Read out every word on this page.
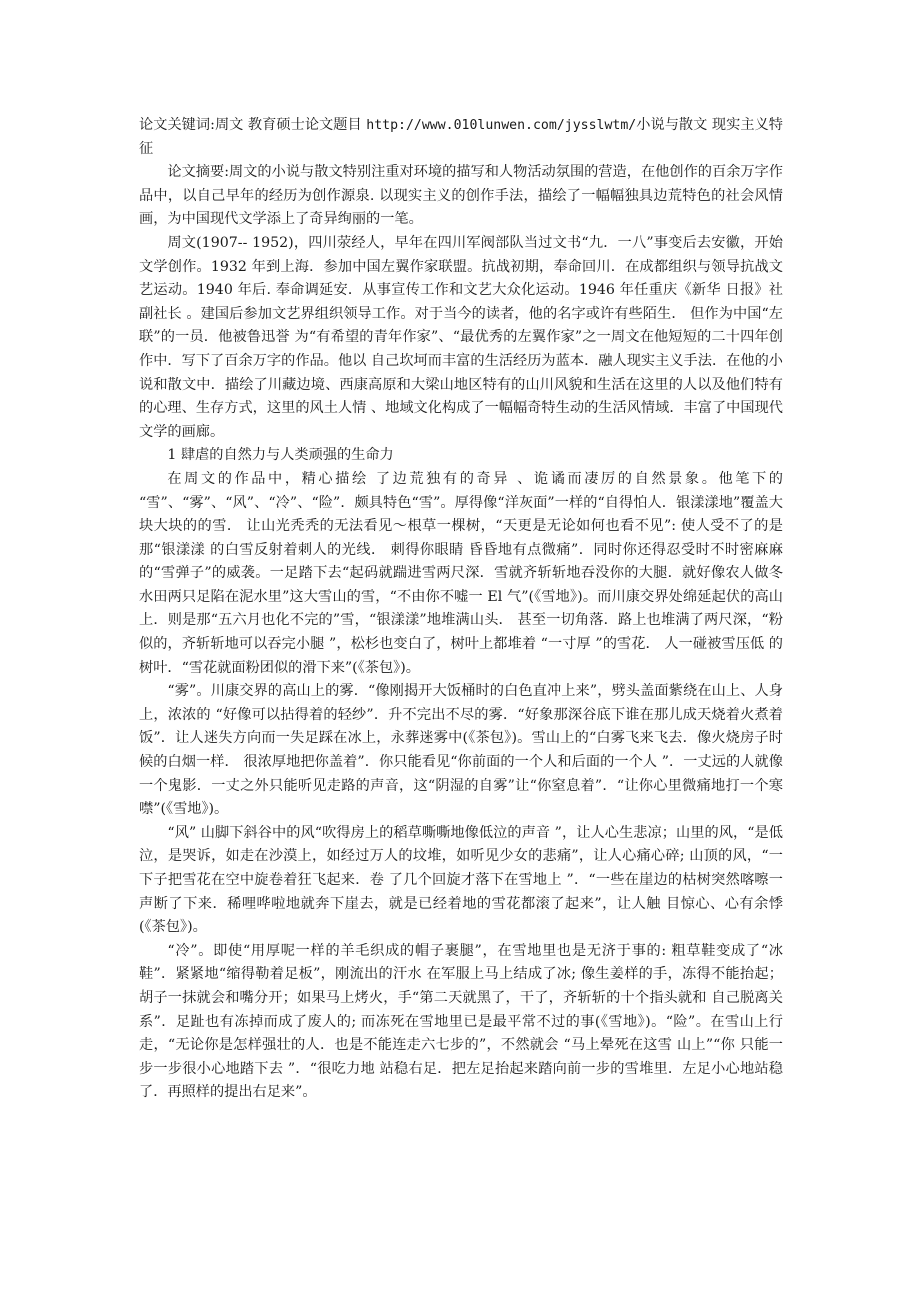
论文关键词:周文 教育硕士论文题目 http://www.010lunwen.com/jysslwtm/小说与散文 现实主义特征

论文摘要:周文的小说与散文特别注重对环境的描写和人物活动氛围的营造，在他创作的百余万字作品中，以自己早年的经历为创作源泉. 以现实主义的创作手法，描绘了一幅幅独具边荒特色的社会风情画，为中国现代文学添上了奇异绚丽的一笔。

周文(1907-- 1952)，四川荥经人，早年在四川军阀部队当过文书“九．一八”事变后去安徽，开始文学创作。1932 年到上海．参加中国左翼作家联盟。抗战初期，奉命回川．在成都组织与领导抗战文艺运动。1940 年后. 奉命调延安．从事宣传工作和文艺大众化运动。1946 年任重庆《新华 日报》社副社长 。建国后参加文艺界组织领导工作。对于当今的读者，他的名字或许有些陌生． 但作为中国“左联”的一员．他被鲁迅誉 为“有希望的青年作家”、“最优秀的左翼作家”之一周文在他短短的二十四年创作中．写下了百余万字的作品。他以 自己坎坷而丰富的生活经历为蓝本．融人现实主义手法．在他的小说和散文中．描绘了川藏边境、西康高原和大梁山地区特有的山川风貌和生活在这里的人以及他们特有的心理、生存方式，这里的风土人情 、地域文化构成了一幅幅奇特生动的生活风情域．丰富了中国现代文学的画廊。

1 肆虐的自然力与人类顽强的生命力

在周文的作品中，精心描绘 了边荒独有的奇异 、诡谲而凄厉的自然景象。他笔下的 “雪”、“雾”、“风”、“冷”、“险”．颇具特色“雪”。厚得像“洋灰面”一样的“自得怕人．银漾漾地”覆盖大块大块的的雪． 让山光秃秃的无法看见～根草一棵树，“天更是无论如何也看不见”: 使人受不了的是那“银漾漾 的白雪反射着刺人的光线． 刺得你眼睛 昏昏地有点微痛”．同时你还得忍受时不时密麻麻的“雪弹子”的威袭。一足踏下去“起码就踹进雪两尺深．雪就齐斩斩地吞没你的大腿．就好像农人做冬水田两只足陷在泥水里”这大雪山的雪，“不由你不嘘一 El 气”(《雪地》)。而川康交界处绵延起伏的高山上．则是那“五六月也化不完的”雪，“银漾漾”地堆满山头． 甚至一切角落．路上也堆满了两尺深，“粉似的，齐斩斩地可以吞完小腿 ”，松杉也变白了，树叶上都堆着 “一寸厚 ”的雪花． 人一碰被雪压低 的树叶．“雪花就面粉团似的滑下来”(《茶包》)。

“雾”。川康交界的高山上的雾．“像刚揭开大饭桶时的白色直冲上来”，劈头盖面紫绕在山上、人身上，浓浓的 “好像可以拈得着的轻纱”．升不完出不尽的雾．“好象那深谷底下谁在那儿成天烧着火煮着饭”．让人迷失方向而一失足踩在冰上，永葬迷雾中(《茶包》)。雪山上的“白雾飞来飞去．像火烧房子时候的白烟一样． 很浓厚地把你盖着”．你只能看见“你前面的一个人和后面的一个人 ”．一丈远的人就像一个鬼影．一丈之外只能听见走路的声音，这“阴湿的自雾”让“你窒息着”．“让你心里微痛地打一个寒噤”(《雪地》)。

“风” 山脚下斜谷中的风“吹得房上的稻草嘶嘶地像低泣的声音 ”，让人心生悲凉；山里的风，“是低泣，是哭诉，如走在沙漠上，如经过万人的坟堆，如听见少女的悲痛”，让人心痛心碎; 山顶的风，“一下子把雪花在空中旋卷着狂飞起来．卷 了几个回旋才落下在雪地上 ”．“一些在崖边的枯树突然喀嚓一声断了下来．稀哩哗啦地就奔下崖去，就是已经着地的雪花都滚了起来”，让人触 目惊心、心有余悸(《茶包》)。

“冷”。即使“用厚呢一样的羊毛织成的帽子裹腿”，在雪地里也是无济于事的: 粗草鞋变成了“冰鞋”．紧紧地“缩得勒着足板”，刚流出的汗水 在军服上马上结成了冰; 像生姜样的手，冻得不能抬起；胡子一抹就会和嘴分开；如果马上烤火，手“第二天就黑了，干了，齐斩斩的十个指头就和 自己脱离关系”．足趾也有冻掉而成了废人的; 而冻死在雪地里已是最平常不过的事(《雪地》)。“险”。在雪山上行走，“无论你是怎样强壮的人．也是不能连走六七步的”，不然就会 “马上晕死在这雪 山上”“你 只能一步一步很小心地踏下去 ”．“很吃力地 站稳右足．把左足抬起来踏向前一步的雪堆里．左足小心地站稳了．再照样的提出右足来”。
